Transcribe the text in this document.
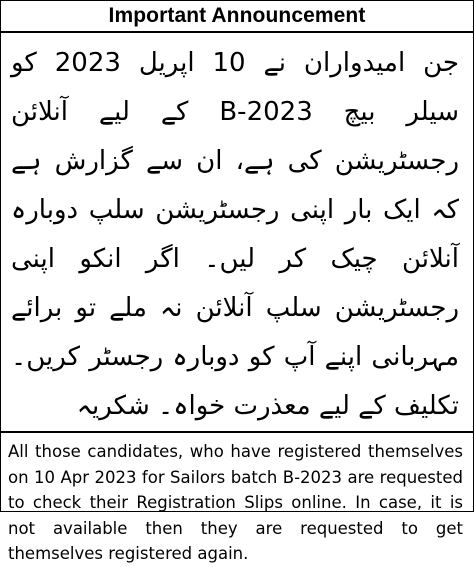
Important Announcement

جن امیدواران نے 10 اپریل 2023 کو سیلر بیچ B-2023 کے لیے آنلائن رجسٹریشن کی ہے، ان سے گزارش ہے کہ ایک بار اپنی رجسٹریشن سلپ دوبارہ آنلائن چیک کر لیں۔ اگر انکو اپنی رجسٹریشن سلپ آنلائن نہ ملے تو برائے مہربانی اپنے آپ کو دوبارہ رجسٹر کریں۔تکلیف کے لیے معذرت خواہ۔ شکریہ

All those candidates, who have registered themselves on 10 Apr 2023 for Sailors batch B-2023 are requested to check their Registration Slips online. In case, it is not available then they are requested to get themselves registered again.
